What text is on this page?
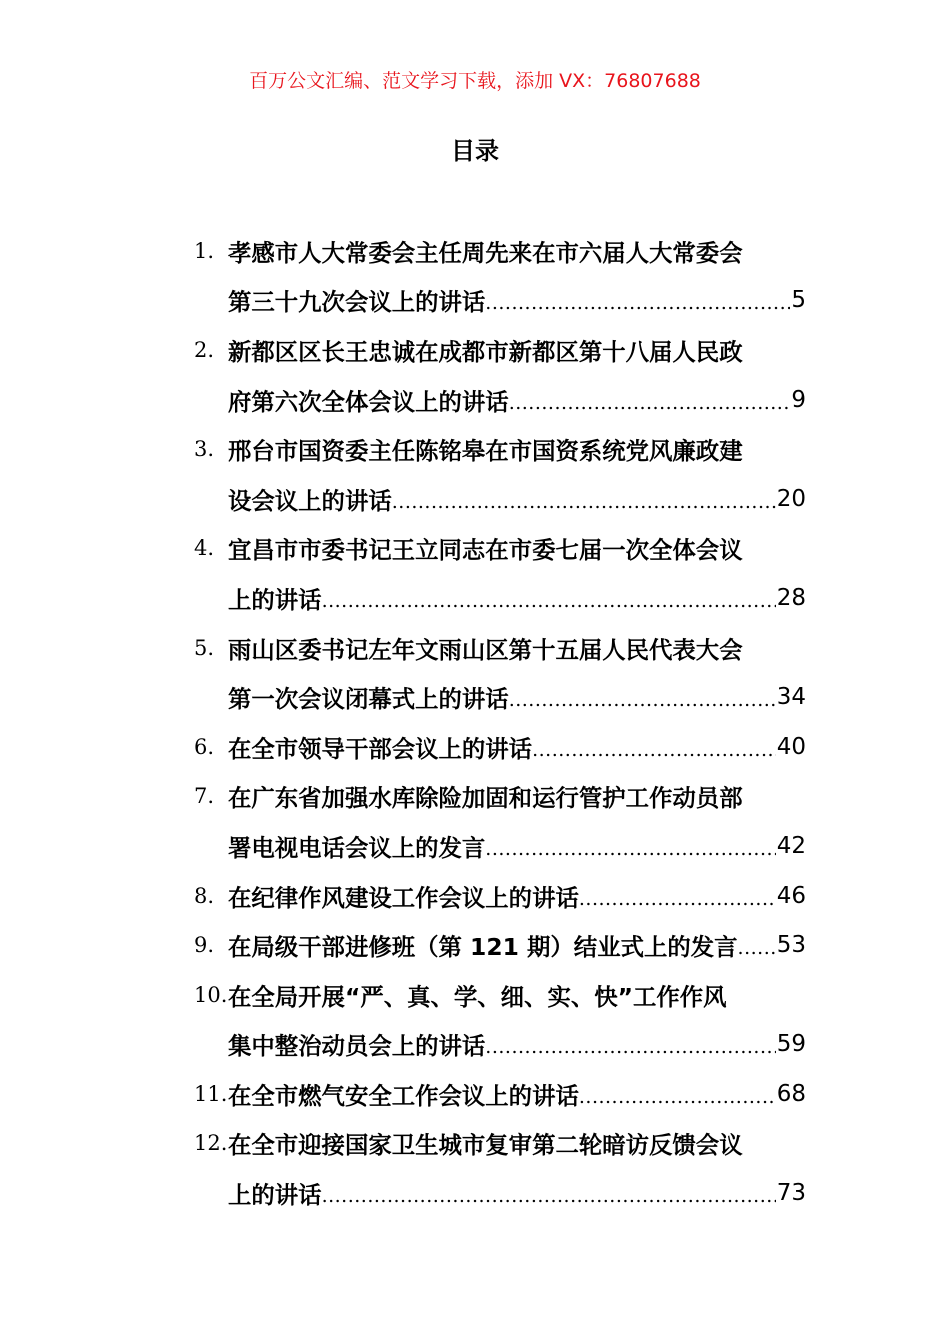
百万公文汇编、范文学习下载，添加 VX：76807688
目录
1. 孝感市人大常委会主任周先来在市六届人大常委会
第三十九次会议上的讲话 .....	5
2. 新都区区长王忠诚在成都市新都区第十八届人民政
府第六次全体会议上的讲话 .....	9
3. 邢台市国资委主任陈铭皋在市国资系统党风廉政建
设会议上的讲话 .....	20
4. 宜昌市市委书记王立同志在市委七届一次全体会议
上的讲话 .....	28
5. 雨山区委书记左年文雨山区第十五届人民代表大会
第一次会议闭幕式上的讲话 .....	34
6. 在全市领导干部会议上的讲话 .....	40
7. 在广东省加强水库除险加固和运行管护工作动员部
署电视电话会议上的发言 .....	42
8. 在纪律作风建设工作会议上的讲话 .....	46
9. 在局级干部进修班（第 121 期）结业式上的发言 ..... 53
10. 在全局开展“严、真、学、细、实、快”工作作风
集中整治动员会上的讲话 .....	59
11. 在全市燃气安全工作会议上的讲话 .....	68
12. 在全市迎接国家卫生城市复审第二轮暗访反馈会议
上的讲话 .....	73
